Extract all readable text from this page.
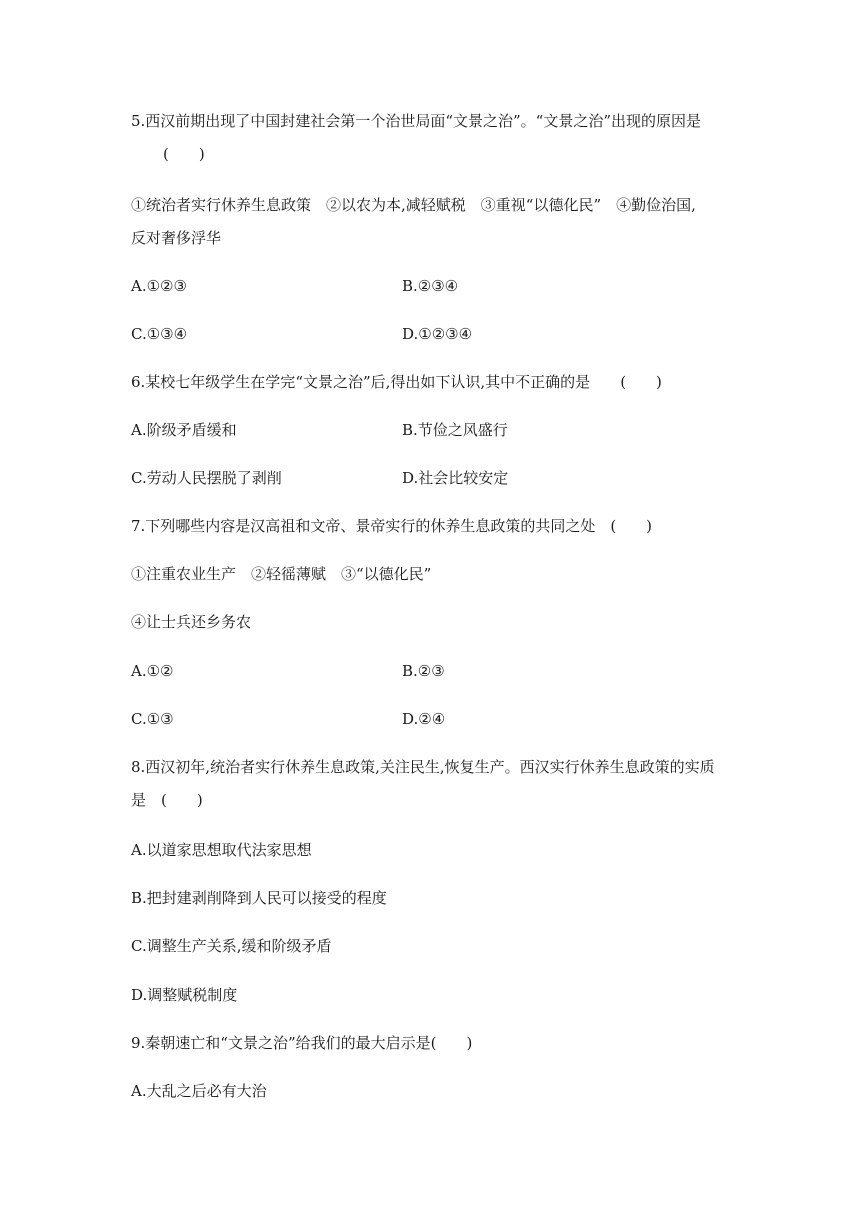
5.西汉前期出现了中国封建社会第一个治世局面“文景之治”。“文景之治”出现的原因是
(　　)
①统治者实行休养生息政策　②以农为本,减轻赋税　③重视“以德化民”　④勤俭治国,
反对奢侈浮华
A.①②③	B.②③④
C.①③④	D.①②③④
6.某校七年级学生在学完“文景之治”后,得出如下认识,其中不正确的是　　(　　)
A.阶级矛盾缓和	B.节俭之风盛行
C.劳动人民摆脱了剥削	D.社会比较安定
7.下列哪些内容是汉高祖和文帝、景帝实行的休养生息政策的共同之处　(　　)
①注重农业生产　②轻徭薄赋　③“以德化民”
④让士兵还乡务农
A.①②	B.②③
C.①③	D.②④
8.西汉初年,统治者实行休养生息政策,关注民生,恢复生产。西汉实行休养生息政策的实质
是　(　　)
A.以道家思想取代法家思想
B.把封建剥削降到人民可以接受的程度
C.调整生产关系,缓和阶级矛盾
D.调整赋税制度
9.秦朝速亡和“文景之治”给我们的最大启示是(　　)
A.大乱之后必有大治
